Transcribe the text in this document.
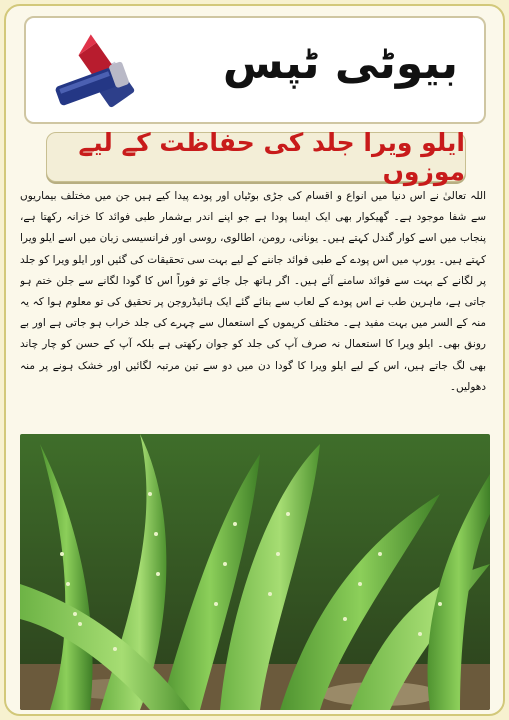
بیوٹی ٹپس
ایلو ویرا جلد کی حفاظت کے لیے موزوں

اللہ تعالیٰ نے اس دنیا میں انواع و اقسام کی جڑی بوٹیاں اور پودے پیدا کیے ہیں جن میں مختلف بیماریوں سے شفا موجود ہے۔ گھیکوار بھی ایک ایسا پودا ہے جو اپنے اندر بےشمار طبی فوائد کا خزانہ رکھتا ہے، پنجاب میں اسے کوار گندل کہتے ہیں۔ یونانی، رومن، اطالوی، روسی اور فرانسیسی زبان میں اسے ایلو ویرا کہتے ہیں۔ یورپ میں اس پودے کے طبی فوائد جاننے کے لیے بہت سی تحقیقات کی گئیں اور ایلو ویرا کو جلد پر لگانے کے بہت سے فوائد سامنے آئے ہیں۔ اگر ہاتھ جل جائے تو فوراً اس کا گودا لگانے سے جلن ختم ہو جاتی ہے، ماہرین طب نے اس پودے کے لعاب سے بنائے گئے ایک ہائیڈروجن پر تحقیق کی تو معلوم ہوا کہ یہ منہ کے السر میں بہت مفید ہے۔ مختلف کریموں کے استعمال سے چہرے کی جلد خراب ہو جاتی ہے اور بے رونق بھی۔ ایلو ویرا کا استعمال نہ صرف آپ کی جلد کو جوان رکھتی ہے بلکہ آپ کے حسن کو چار چاند بھی لگ جاتے ہیں، اس کے لیے ایلو ویرا کا گودا دن میں دو سے تین مرتبہ لگائیں اور خشک ہونے پر منہ دھولیں۔
